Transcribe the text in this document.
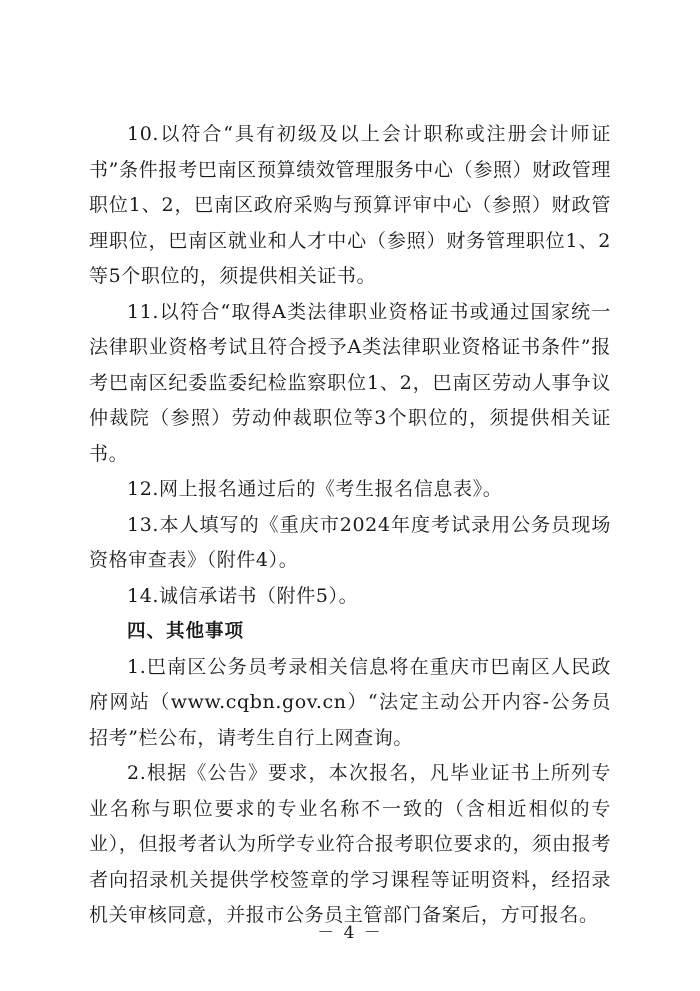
10.以符合“具有初级及以上会计职称或注册会计师证书”条件报考巴南区预算绩效管理服务中心（参照）财政管理职位1、2，巴南区政府采购与预算评审中心（参照）财政管理职位，巴南区就业和人才中心（参照）财务管理职位1、2等5个职位的，须提供相关证书。

11.以符合“取得A类法律职业资格证书或通过国家统一法律职业资格考试且符合授予A类法律职业资格证书条件”报考巴南区纪委监委纪检监察职位1、2，巴南区劳动人事争议仲裁院（参照）劳动仲裁职位等3个职位的，须提供相关证书。

12.网上报名通过后的《考生报名信息表》。

13.本人填写的《重庆市2024年度考试录用公务员现场资格审查表》（附件4）。

14.诚信承诺书（附件5）。

四、其他事项

1.巴南区公务员考录相关信息将在重庆市巴南区人民政府网站（www.cqbn.gov.cn）“法定主动公开内容-公务员招考”栏公布，请考生自行上网查询。

2.根据《公告》要求，本次报名，凡毕业证书上所列专业名称与职位要求的专业名称不一致的（含相近相似的专业），但报考者认为所学专业符合报考职位要求的，须由报考者向招录机关提供学校签章的学习课程等证明资料，经招录机关审核同意，并报市公务员主管部门备案后，方可报名。

－ 4 －
